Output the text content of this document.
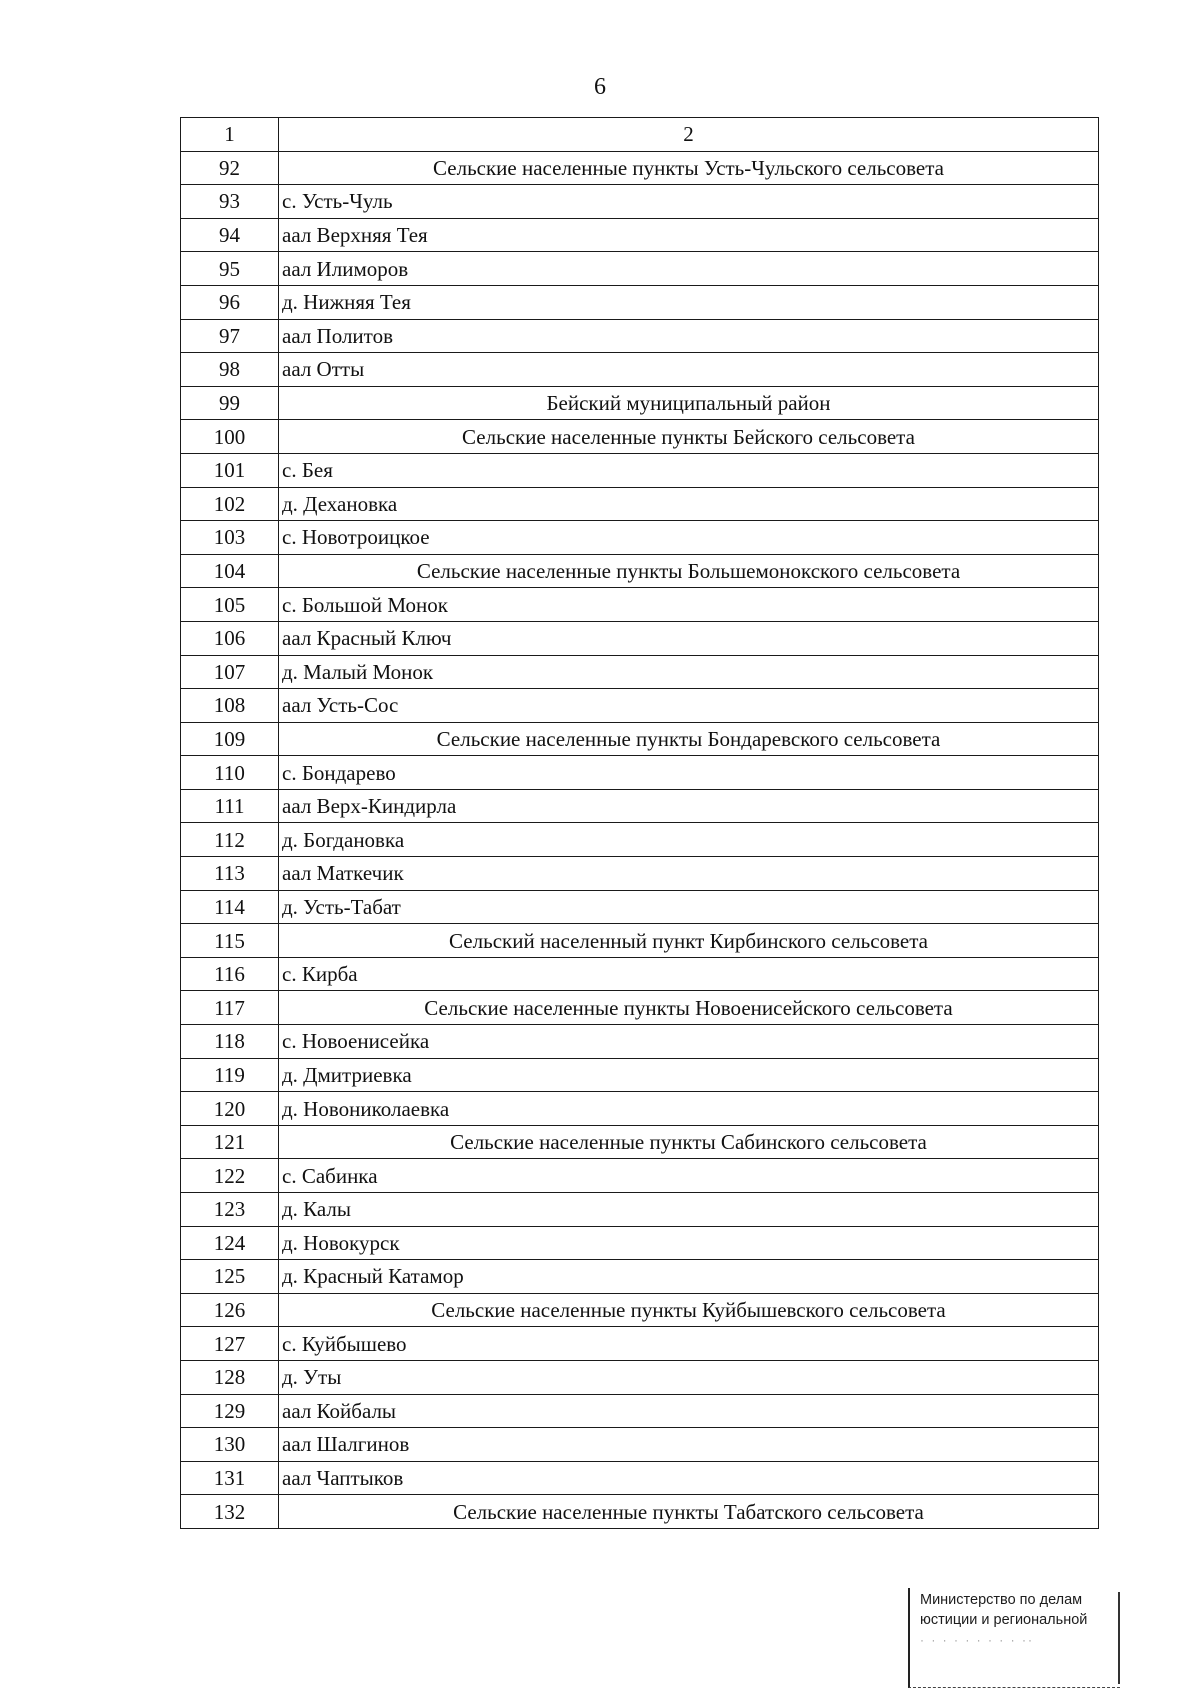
6
1	2
92	Сельские населенные пункты Усть-Чульского сельсовета
93	с. Усть-Чуль
94	аал Верхняя Тея
95	аал Илиморов
96	д. Нижняя Тея
97	аал Политов
98	аал Отты
99	Бейский муниципальный район
100	Сельские населенные пункты Бейского сельсовета
101	с. Бея
102	д. Дехановка
103	с. Новотроицкое
104	Сельские населенные пункты Большемонокского сельсовета
105	с. Большой Монок
106	аал Красный Ключ
107	д. Малый Монок
108	аал Усть-Сос
109	Сельские населенные пункты Бондаревского сельсовета
110	с. Бондарево
111	аал Верх-Киндирла
112	д. Богдановка
113	аал Маткечик
114	д. Усть-Табат
115	Сельский населенный пункт Кирбинского сельсовета
116	с. Кирба
117	Сельские населенные пункты Новоенисейского сельсовета
118	с. Новоенисейка
119	д. Дмитриевка
120	д. Новониколаевка
121	Сельские населенные пункты Сабинского сельсовета
122	с. Сабинка
123	д. Калы
124	д. Новокурск
125	д. Красный Катамор
126	Сельские населенные пункты Куйбышевского сельсовета
127	с. Куйбышево
128	д. Уты
129	аал Койбалы
130	аал Шалгинов
131	аал Чаптыков
132	Сельские населенные пункты Табатского сельсовета
Министерство по делам
юстиции и региональной
· · · · · · · · · ··
